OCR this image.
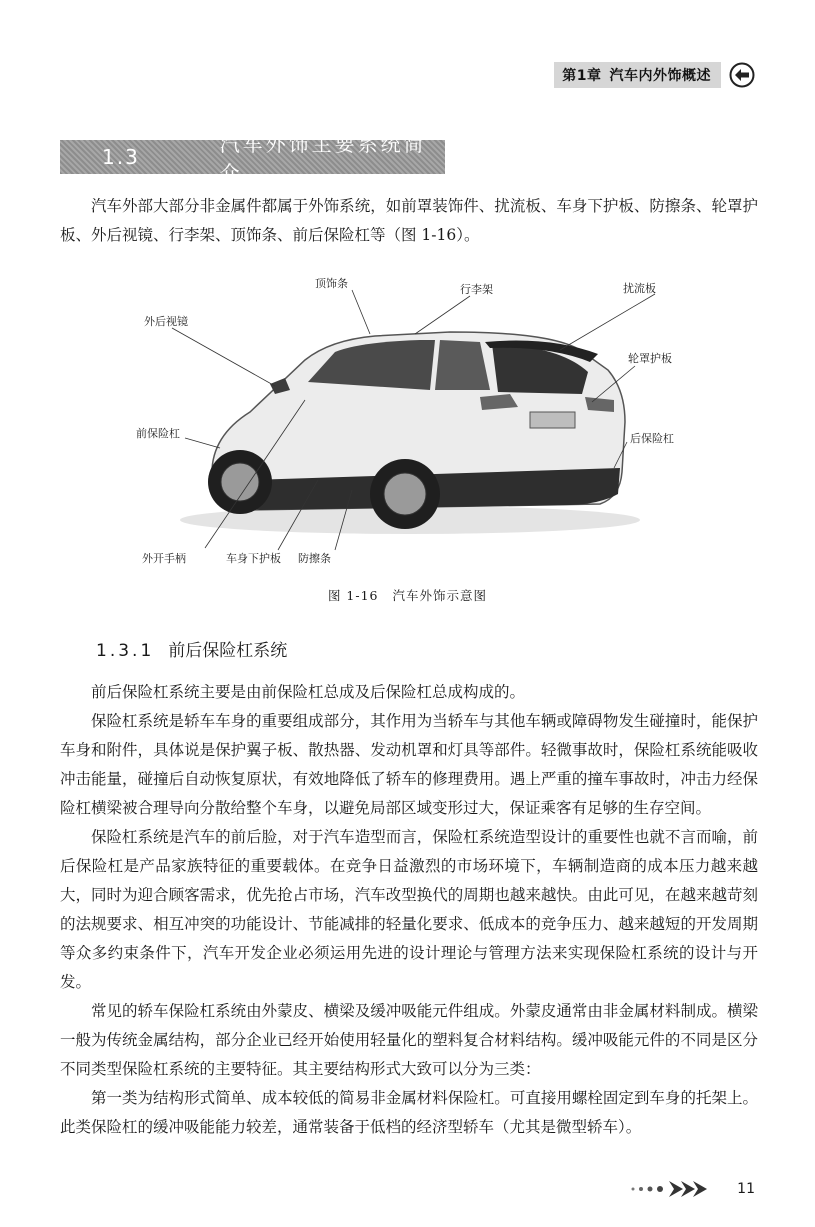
第1章 汽车内外饰概述
1.3
汽车外饰主要系统简介

汽车外部大部分非金属件都属于外饰系统，如前罩装饰件、扰流板、车身下护板、防擦条、轮罩护板、外后视镜、行李架、顶饰条、前后保险杠等（图 1-16）。

顶饰条	行李架	扰流板
外后视镜
轮罩护板
前保险杠	后保险杠
外开手柄	车身下护板 防擦条
图 1-16 汽车外饰示意图
1.3.1 前后保险杠系统

前后保险杠系统主要是由前保险杠总成及后保险杠总成构成的。

保险杠系统是轿车车身的重要组成部分，其作用为当轿车与其他车辆或障碍物发生碰撞时，能保护车身和附件，具体说是保护翼子板、散热器、发动机罩和灯具等部件。轻微事故时，保险杠系统能吸收冲击能量，碰撞后自动恢复原状，有效地降低了轿车的修理费用。遇上严重的撞车事故时，冲击力经保险杠横梁被合理导向分散给整个车身，以避免局部区域变形过大，保证乘客有足够的生存空间。

保险杠系统是汽车的前后脸，对于汽车造型而言，保险杠系统造型设计的重要性也就不言而喻，前后保险杠是产品家族特征的重要载体。在竞争日益激烈的市场环境下，车辆制造商的成本压力越来越大，同时为迎合顾客需求，优先抢占市场，汽车改型换代的周期也越来越快。由此可见，在越来越苛刻的法规要求、相互冲突的功能设计、节能减排的轻量化要求、低成本的竞争压力、越来越短的开发周期等众多约束条件下，汽车开发企业必须运用先进的设计理论与管理方法来实现保险杠系统的设计与开发。

常见的轿车保险杠系统由外蒙皮、横梁及缓冲吸能元件组成。外蒙皮通常由非金属材料制成。横梁一般为传统金属结构，部分企业已经开始使用轻量化的塑料复合材料结构。缓冲吸能元件的不同是区分不同类型保险杠系统的主要特征。其主要结构形式大致可以分为三类：

第一类为结构形式简单、成本较低的简易非金属材料保险杠。可直接用螺栓固定到车身的托架上。此类保险杠的缓冲吸能能力较差，通常装备于低档的经济型轿车（尤其是微型轿车）。

11
